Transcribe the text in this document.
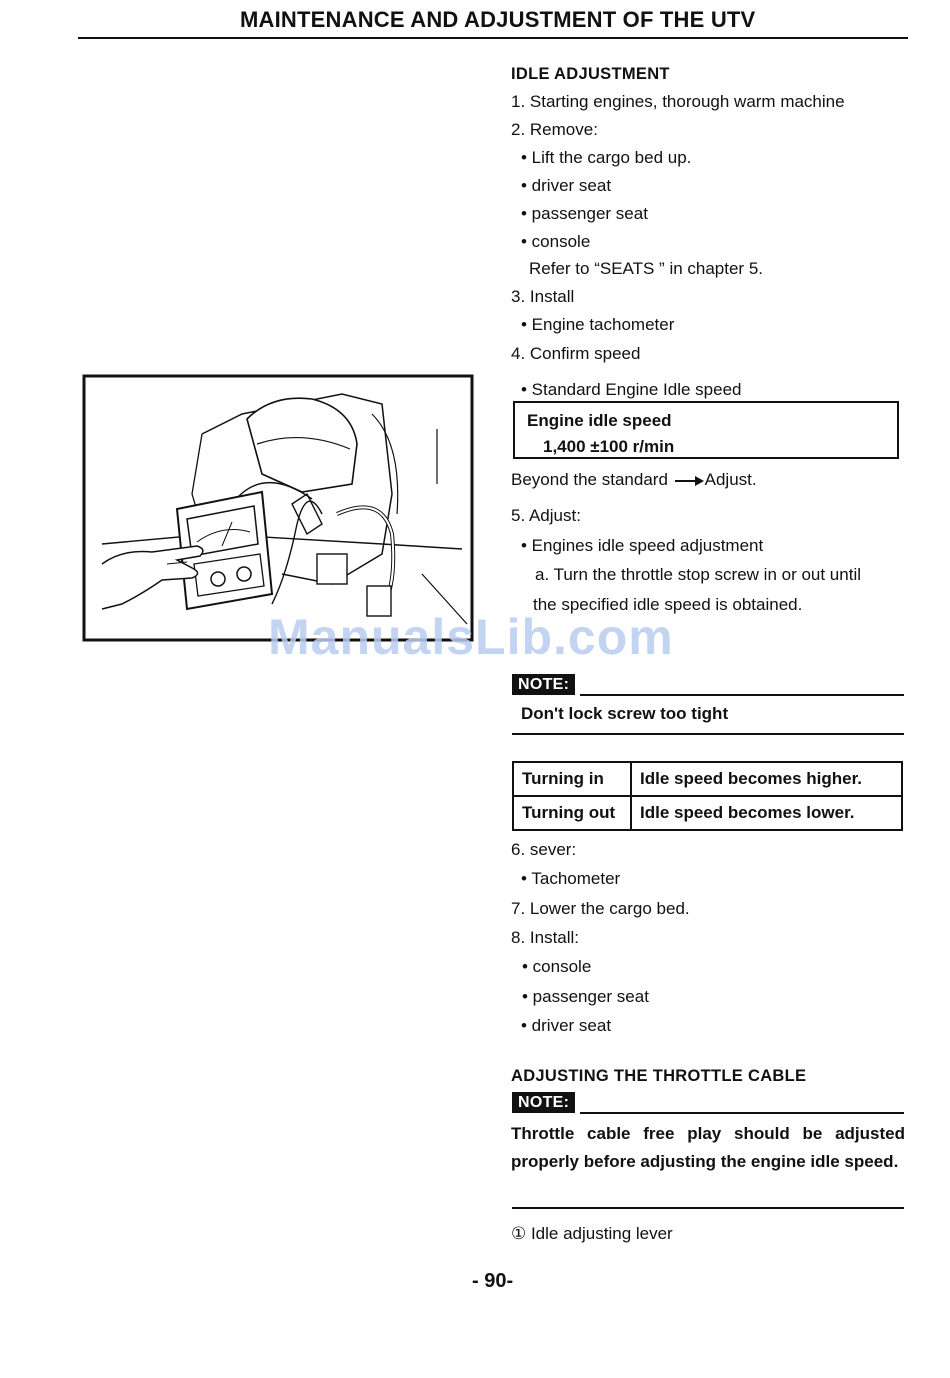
MAINTENANCE AND ADJUSTMENT OF THE UTV
IDLE ADJUSTMENT
1. Starting engines, thorough warm machine
2. Remove:
• Lift the cargo bed up.
• driver seat
• passenger seat
• console
Refer to “SEATS ” in chapter 5.
3. Install
• Engine tachometer
4. Confirm speed
• Standard Engine Idle speed
Engine idle speed
1,400 ±100 r/min
Beyond the standard Adjust.
5. Adjust:
• Engines idle speed adjustment
a. Turn the throttle stop screw in or out until
the specified idle speed is obtained.
ManualsLib.com
NOTE:
Don't lock screw too tight
Turning in	Idle speed becomes higher.
Turning out	Idle speed becomes lower.
6. sever:
• Tachometer
7. Lower the cargo bed.
8. Install:
• console
• passenger seat
• driver seat
ADJUSTING THE THROTTLE CABLE
NOTE:
Throttle cable free play should be adjusted properly before adjusting the engine idle speed.
① Idle adjusting lever
- 90-
